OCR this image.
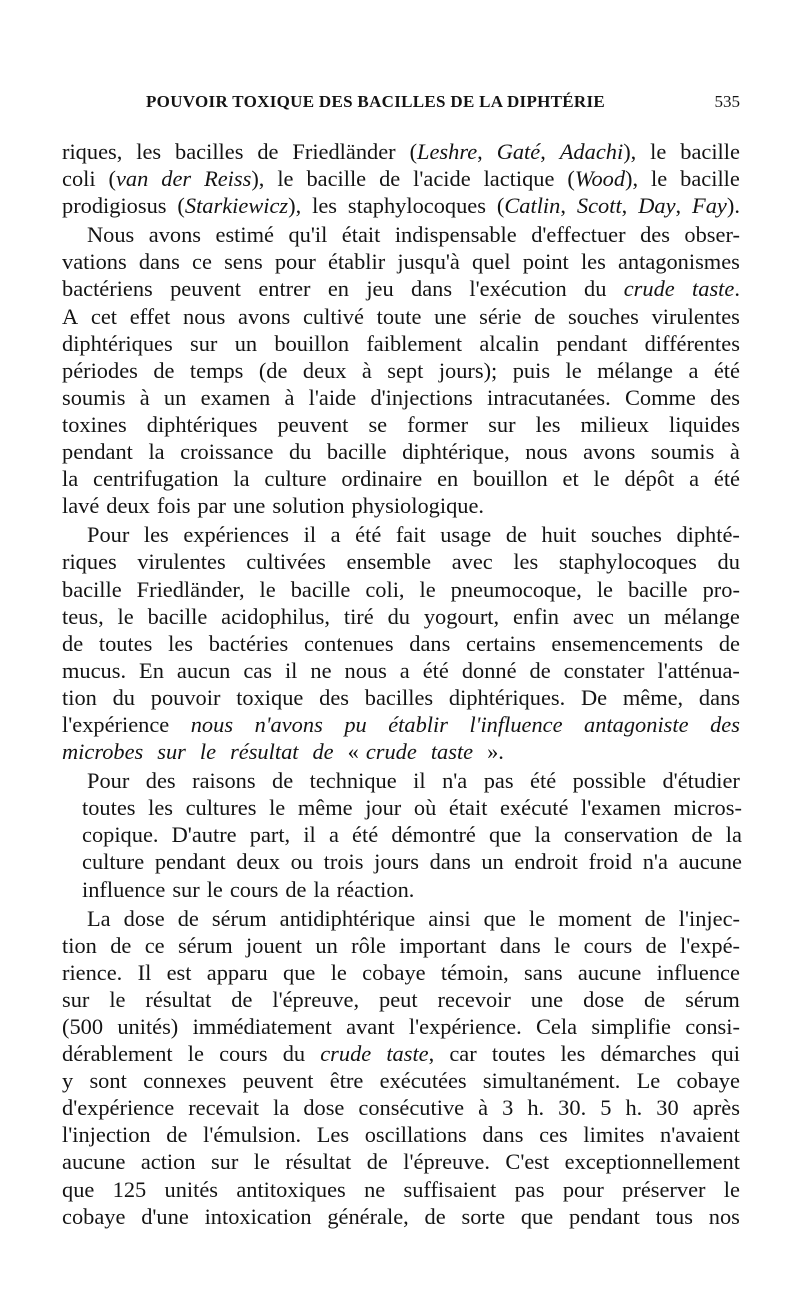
POUVOIR TOXIQUE DES BACILLES DE LA DIPHTÉRIE	535
riques, les bacilles de Friedländer (Leshre, Gaté, Adachi), le bacille
coli (van der Reiss), le bacille de l'acide lactique (Wood), le bacille
prodigiosus (Starkiewicz), les staphylocoques (Catlin, Scott, Day, Fay).
Nous avons estimé qu'il était indispensable d'effectuer des obser-
vations dans ce sens pour établir jusqu'à quel point les antagonismes
bactériens peuvent entrer en jeu dans l'exécution du crude taste.
A cet effet nous avons cultivé toute une série de souches virulentes
diphtériques sur un bouillon faiblement alcalin pendant différentes
périodes de temps (de deux à sept jours); puis le mélange a été
soumis à un examen à l'aide d'injections intracutanées. Comme des
toxines diphtériques peuvent se former sur les milieux liquides
pendant la croissance du bacille diphtérique, nous avons soumis à
la centrifugation la culture ordinaire en bouillon et le dépôt a été
lavé deux fois par une solution physiologique.
Pour les expériences il a été fait usage de huit souches diphté-
riques virulentes cultivées ensemble avec les staphylocoques du
bacille Friedländer, le bacille coli, le pneumocoque, le bacille pro-
teus, le bacille acidophilus, tiré du yogourt, enfin avec un mélange
de toutes les bactéries contenues dans certains ensemencements de
mucus. En aucun cas il ne nous a été donné de constater l'atténua-
tion du pouvoir toxique des bacilles diphtériques. De même, dans
l'expérience nous n'avons pu établir l'influence antagoniste des
microbes sur le résultat de « crude taste ».
Pour des raisons de technique il n'a pas été possible d'étudier
toutes les cultures le même jour où était exécuté l'examen micros-
copique. D'autre part, il a été démontré que la conservation de la
culture pendant deux ou trois jours dans un endroit froid n'a aucune
influence sur le cours de la réaction.
La dose de sérum antidiphtérique ainsi que le moment de l'injec-
tion de ce sérum jouent un rôle important dans le cours de l'expé-
rience. Il est apparu que le cobaye témoin, sans aucune influence
sur le résultat de l'épreuve, peut recevoir une dose de sérum
(500 unités) immédiatement avant l'expérience. Cela simplifie consi-
dérablement le cours du crude taste, car toutes les démarches qui
y sont connexes peuvent être exécutées simultanément. Le cobaye
d'expérience recevait la dose consécutive à 3 h. 30. 5 h. 30 après
l'injection de l'émulsion. Les oscillations dans ces limites n'avaient
aucune action sur le résultat de l'épreuve. C'est exceptionnellement
que 125 unités antitoxiques ne suffisaient pas pour préserver le
cobaye d'une intoxication générale, de sorte que pendant tous nos
